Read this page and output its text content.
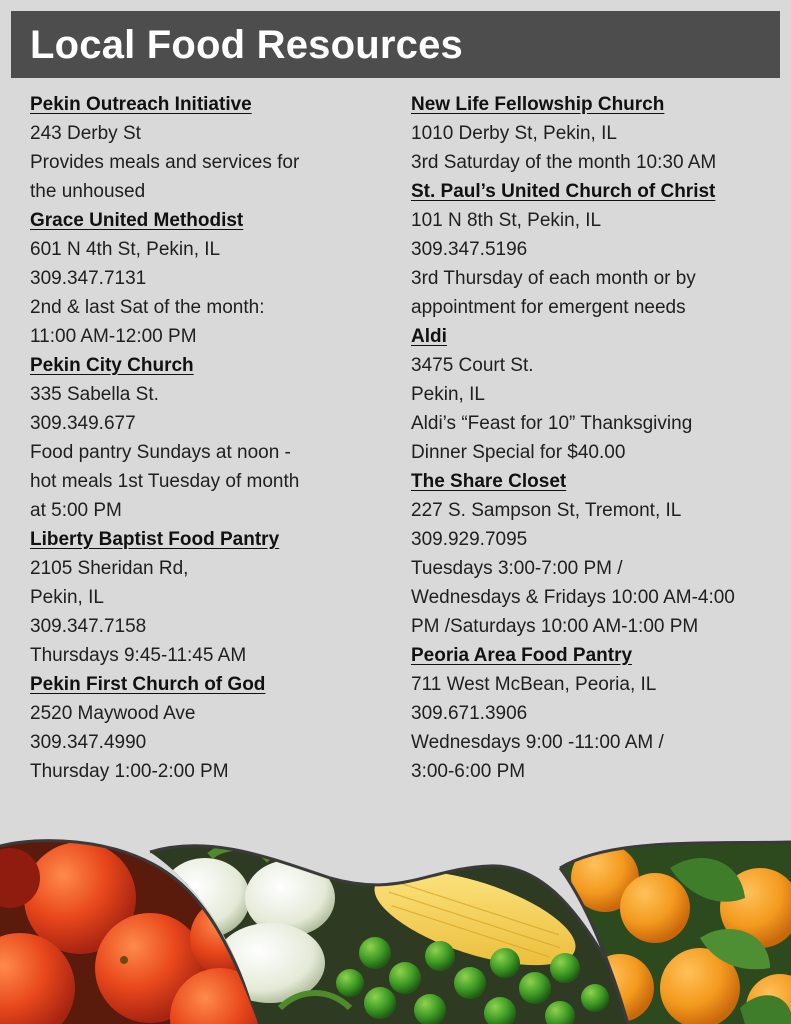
Local Food Resources
Pekin Outreach Initiative
243 Derby St
Provides meals and services for
the unhoused
Grace United Methodist
601 N 4th St, Pekin, IL
309.347.7131
2nd & last Sat of the month:
11:00 AM-12:00 PM
Pekin City Church
335 Sabella St.
309.349.677
Food pantry Sundays at noon -
hot meals 1st Tuesday of month
at 5:00 PM
Liberty Baptist Food Pantry
2105 Sheridan Rd,
Pekin, IL
309.347.7158
Thursdays 9:45-11:45 AM
Pekin First Church of God
2520 Maywood Ave
309.347.4990
Thursday 1:00-2:00 PM
New Life Fellowship Church
1010 Derby St, Pekin, IL
3rd Saturday of the month 10:30 AM
St. Paul’s United Church of Christ
101 N 8th St, Pekin, IL
309.347.5196
3rd Thursday of each month or by
appointment for emergent needs
Aldi
3475 Court St.
Pekin, IL
Aldi’s “Feast for 10” Thanksgiving
Dinner Special for $40.00
The Share Closet
227 S. Sampson St, Tremont, IL
309.929.7095
Tuesdays 3:00-7:00 PM /
Wednesdays & Fridays 10:00 AM-4:00
PM /Saturdays 10:00 AM-1:00 PM
Peoria Area Food Pantry
711 West McBean, Peoria, IL
309.671.3906
Wednesdays 9:00 -11:00 AM /
3:00-6:00 PM
